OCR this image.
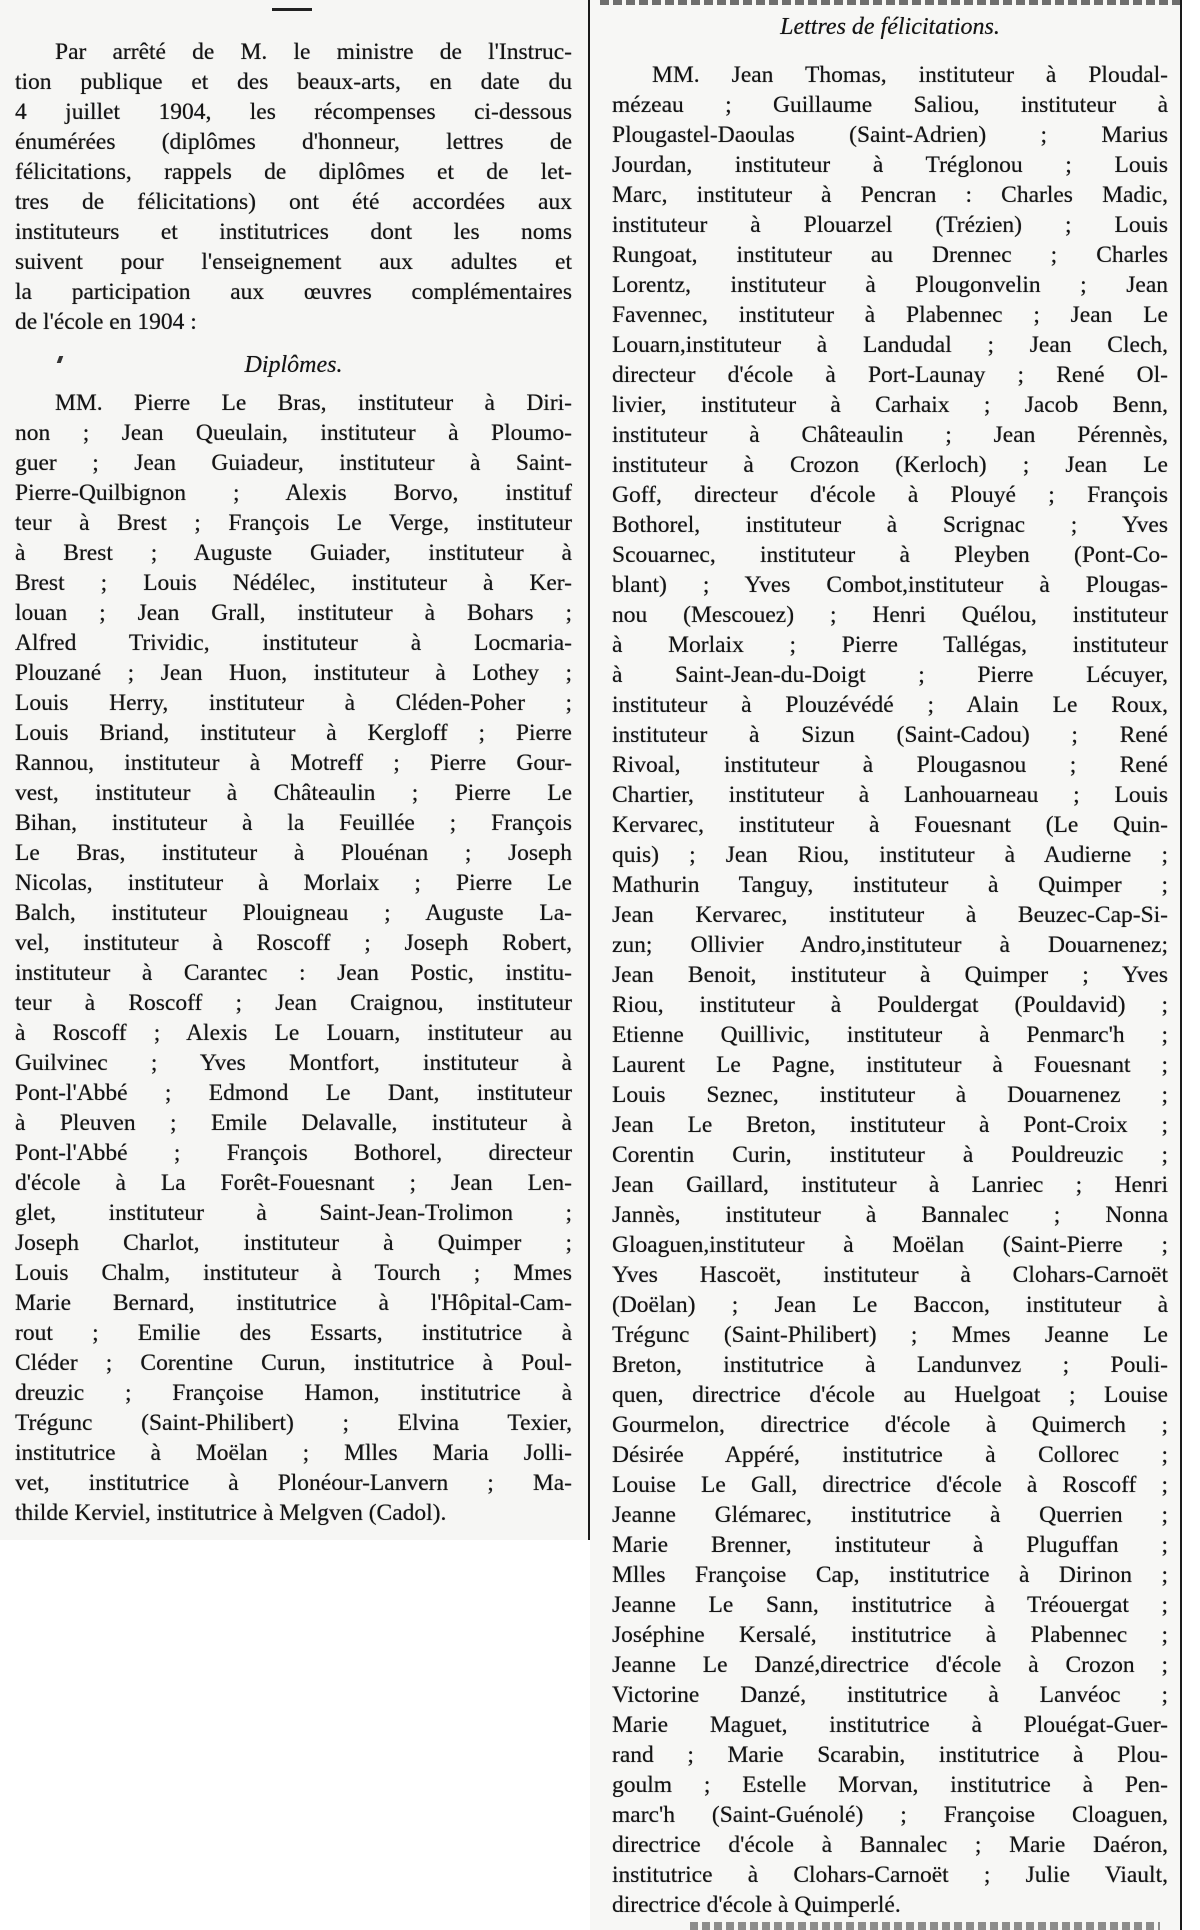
Par arrêté de M. le ministre de l'Instruc-
tion publique et des beaux-arts, en date du
4 juillet 1904, les récompenses ci-dessous
énumérées (diplômes d'honneur, lettres de
félicitations, rappels de diplômes et de let-
tres de félicitations) ont été accordées aux
instituteurs et institutrices dont les noms
suivent pour l'enseignement aux adultes et
la participation aux œuvres complémentaires
de l'école en 1904 :
Diplômes.
MM. Pierre Le Bras, instituteur à Diri-
non ; Jean Queulain, instituteur à Ploumo-
guer ; Jean Guiadeur, instituteur à Saint-
Pierre-Quilbignon ; Alexis Borvo, instituf
teur à Brest ; François Le Verge, instituteur
à Brest ; Auguste Guiader, instituteur à
Brest ; Louis Nédélec, instituteur à Ker-
louan ; Jean Grall, instituteur à Bohars ;
Alfred Trividic, instituteur à Locmaria-
Plouzané ; Jean Huon, instituteur à Lothey ;
Louis Herry, instituteur à Cléden-Poher ;
Louis Briand, instituteur à Kergloff ; Pierre
Rannou, instituteur à Motreff ; Pierre Gour-
vest, instituteur à Châteaulin ; Pierre Le
Bihan, instituteur à la Feuillée ; François
Le Bras, instituteur à Plouénan ; Joseph
Nicolas, instituteur à Morlaix ; Pierre Le
Balch, instituteur Plouigneau ; Auguste La-
vel, instituteur à Roscoff ; Joseph Robert,
instituteur à Carantec : Jean Postic, institu-
teur à Roscoff ; Jean Craignou, instituteur
à Roscoff ; Alexis Le Louarn, instituteur au
Guilvinec ; Yves Montfort, instituteur à
Pont-l'Abbé ; Edmond Le Dant, instituteur
à Pleuven ; Emile Delavalle, instituteur à
Pont-l'Abbé ; François Bothorel, directeur
d'école à La Forêt-Fouesnant ; Jean Len-
glet, instituteur à Saint-Jean-Trolimon ;
Joseph Charlot, instituteur à Quimper ;
Louis Chalm, instituteur à Tourch ; Mmes
Marie Bernard, institutrice à l'Hôpital-Cam-
rout ; Emilie des Essarts, institutrice à
Cléder ; Corentine Curun, institutrice à Poul-
dreuzic ; Françoise Hamon, institutrice à
Trégunc (Saint-Philibert) ; Elvina Texier,
institutrice à Moëlan ; Mlles Maria Jolli-
vet, institutrice à Plonéour-Lanvern ; Ma-
thilde Kerviel, institutrice à Melgven (Cadol).
Lettres de félicitations.
MM. Jean Thomas, instituteur à Ploudal-
mézeau ; Guillaume Saliou, instituteur à
Plougastel-Daoulas (Saint-Adrien) ; Marius
Jourdan, instituteur à Tréglonou ; Louis
Marc, instituteur à Pencran : Charles Madic,
instituteur à Plouarzel (Trézien) ; Louis
Rungoat, instituteur au Drennec ; Charles
Lorentz, instituteur à Plougonvelin ; Jean
Favennec, instituteur à Plabennec ; Jean Le
Louarn,instituteur à Landudal ; Jean Clech,
directeur d'école à Port-Launay ; René Ol-
livier, instituteur à Carhaix ; Jacob Benn,
instituteur à Châteaulin ; Jean Pérennès,
instituteur à Crozon (Kerloch) ; Jean Le
Goff, directeur d'école à Plouyé ; François
Bothorel, instituteur à Scrignac ; Yves
Scouarnec, instituteur à Pleyben (Pont-Co-
blant) ; Yves Combot,instituteur à Plougas-
nou (Mescouez) ; Henri Quélou, instituteur
à Morlaix ; Pierre Tallégas, instituteur
à Saint-Jean-du-Doigt ; Pierre Lécuyer,
instituteur à Plouzévédé ; Alain Le Roux,
instituteur à Sizun (Saint-Cadou) ; René
Rivoal, instituteur à Plougasnou ; René
Chartier, instituteur à Lanhouarneau ; Louis
Kervarec, instituteur à Fouesnant (Le Quin-
quis) ; Jean Riou, instituteur à Audierne ;
Mathurin Tanguy, instituteur à Quimper ;
Jean Kervarec, instituteur à Beuzec-Cap-Si-
zun; Ollivier Andro,instituteur à Douarnenez;
Jean Benoit, instituteur à Quimper ; Yves
Riou, instituteur à Pouldergat (Pouldavid) ;
Etienne Quillivic, instituteur à Penmarc'h ;
Laurent Le Pagne, instituteur à Fouesnant ;
Louis Seznec, instituteur à Douarnenez ;
Jean Le Breton, instituteur à Pont-Croix ;
Corentin Curin, instituteur à Pouldreuzic ;
Jean Gaillard, instituteur à Lanriec ; Henri
Jannès, instituteur à Bannalec ; Nonna
Gloaguen,instituteur à Moëlan (Saint-Pierre ;
Yves Hascoët, instituteur à Clohars-Carnoët
(Doëlan) ; Jean Le Baccon, instituteur à
Trégunc (Saint-Philibert) ; Mmes Jeanne Le
Breton, institutrice à Landunvez ; Pouli-
quen, directrice d'école au Huelgoat ; Louise
Gourmelon, directrice d'école à Quimerch ;
Désirée Appéré, institutrice à Collorec ;
Louise Le Gall, directrice d'école à Roscoff ;
Jeanne Glémarec, institutrice à Querrien ;
Marie Brenner, instituteur à Pluguffan ;
Mlles Françoise Cap, institutrice à Dirinon ;
Jeanne Le Sann, institutrice à Tréouergat ;
Joséphine Kersalé, institutrice à Plabennec ;
Jeanne Le Danzé,directrice d'école à Crozon ;
Victorine Danzé, institutrice à Lanvéoc ;
Marie Maguet, institutrice à Plouégat-Guer-
rand ; Marie Scarabin, institutrice à Plou-
goulm ; Estelle Morvan, institutrice à Pen-
marc'h (Saint-Guénolé) ; Françoise Cloaguen,
directrice d'école à Bannalec ; Marie Daéron,
institutrice à Clohars-Carnoët ; Julie Viault,
directrice d'école à Quimperlé.
